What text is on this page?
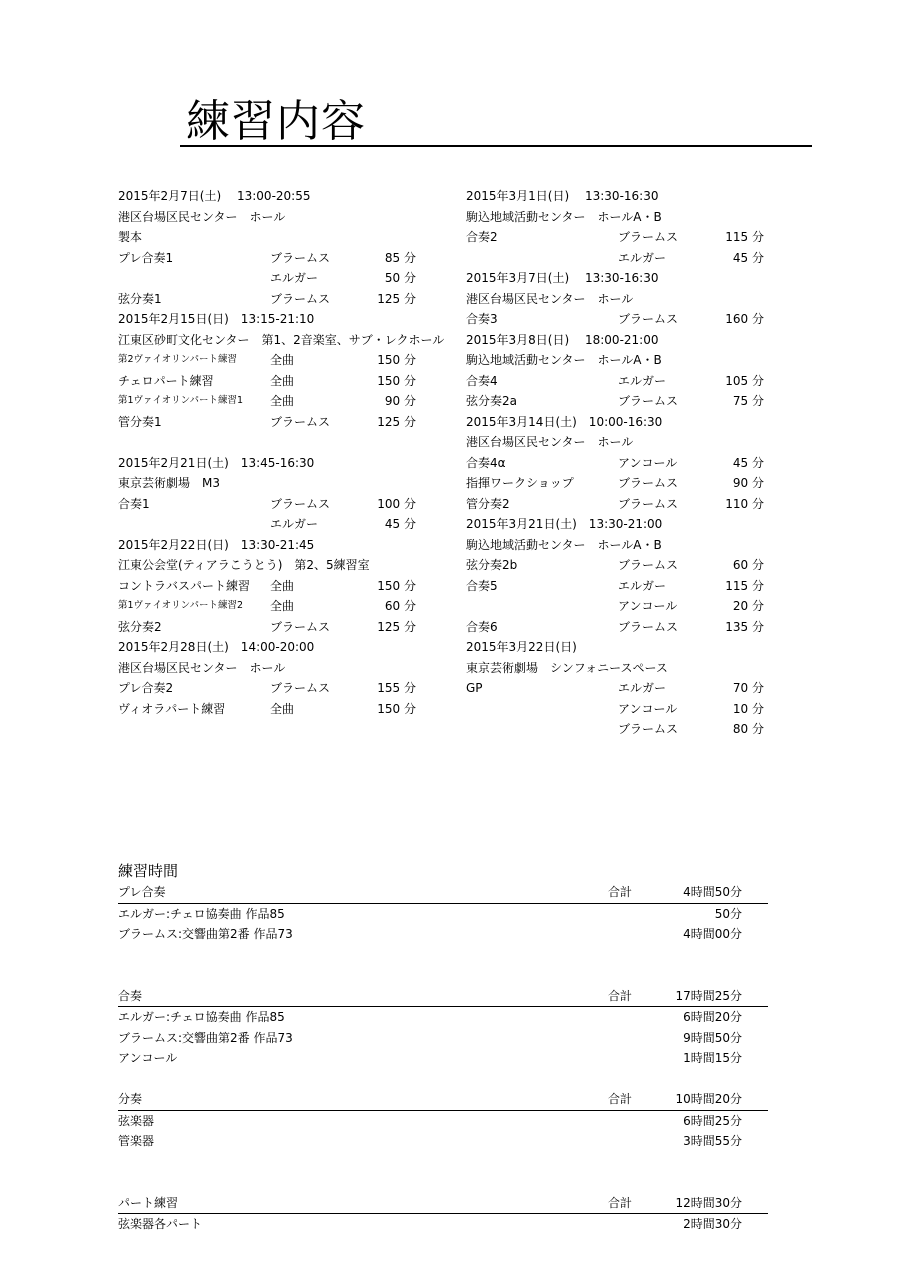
練習内容
2015年2月7日(土)　 13:00-20:55
港区台場区民センター　ホール
製本
プレ合奏1	ブラームス	85 分
エルガー	50 分
弦分奏1	ブラームス	125 分
2015年2月15日(日)　13:15-21:10
江東区砂町文化センター　第1、2音楽室、サブ・レクホール
第2ヴァイオリンパート練習	全曲	150 分
チェロパート練習	全曲	150 分
第1ヴァイオリンパート練習1 全曲	90 分
管分奏1	ブラームス	125 分
2015年2月21日(土)　13:45-16:30
東京芸術劇場　M3
合奏1	ブラームス	100 分
エルガー	45 分
2015年2月22日(日)　13:30-21:45
江東公会堂(ティアラこうとう)　第2、5練習室
コントラバスパート練習 全曲	150 分
第1ヴァイオリンパート練習2 全曲	60 分
弦分奏2	ブラームス	125 分
2015年2月28日(土)　14:00-20:00
港区台場区民センター　ホール
プレ合奏2	ブラームス	155 分
ヴィオラパート練習	全曲	150 分
2015年3月1日(日)　 13:30-16:30
駒込地域活動センター　ホールA・B
合奏2	ブラームス	115 分
エルガー	45 分
2015年3月7日(土)　 13:30-16:30
港区台場区民センター　ホール
合奏3	ブラームス	160 分
2015年3月8日(日)　 18:00-21:00
駒込地域活動センター　ホールA・B
合奏4	エルガー	105 分
弦分奏2a	ブラームス	75 分
2015年3月14日(土)　10:00-16:30
港区台場区民センター　ホール
合奏4α	アンコール	45 分
指揮ワークショップ	ブラームス	90 分
管分奏2	ブラームス	110 分
2015年3月21日(土)　13:30-21:00
駒込地域活動センター　ホールA・B
弦分奏2b	ブラームス	60 分
合奏5	エルガー	115 分
アンコール	20 分
合奏6	ブラームス	135 分
2015年3月22日(日)
東京芸術劇場　シンフォニースペース
GP	エルガー	70 分
アンコール	10 分
ブラームス	80 分
練習時間
プレ合奏	合計	4時間50分
エルガー:チェロ協奏曲 作品85	50分
ブラームス:交響曲第2番 作品73	4時間00分
合奏	合計	17時間25分
エルガー:チェロ協奏曲 作品85	6時間20分
ブラームス:交響曲第2番 作品73	9時間50分
アンコール	1時間15分
分奏	合計	10時間20分
弦楽器	6時間25分
管楽器	3時間55分
パート練習	合計	12時間30分
弦楽器各パート	2時間30分
